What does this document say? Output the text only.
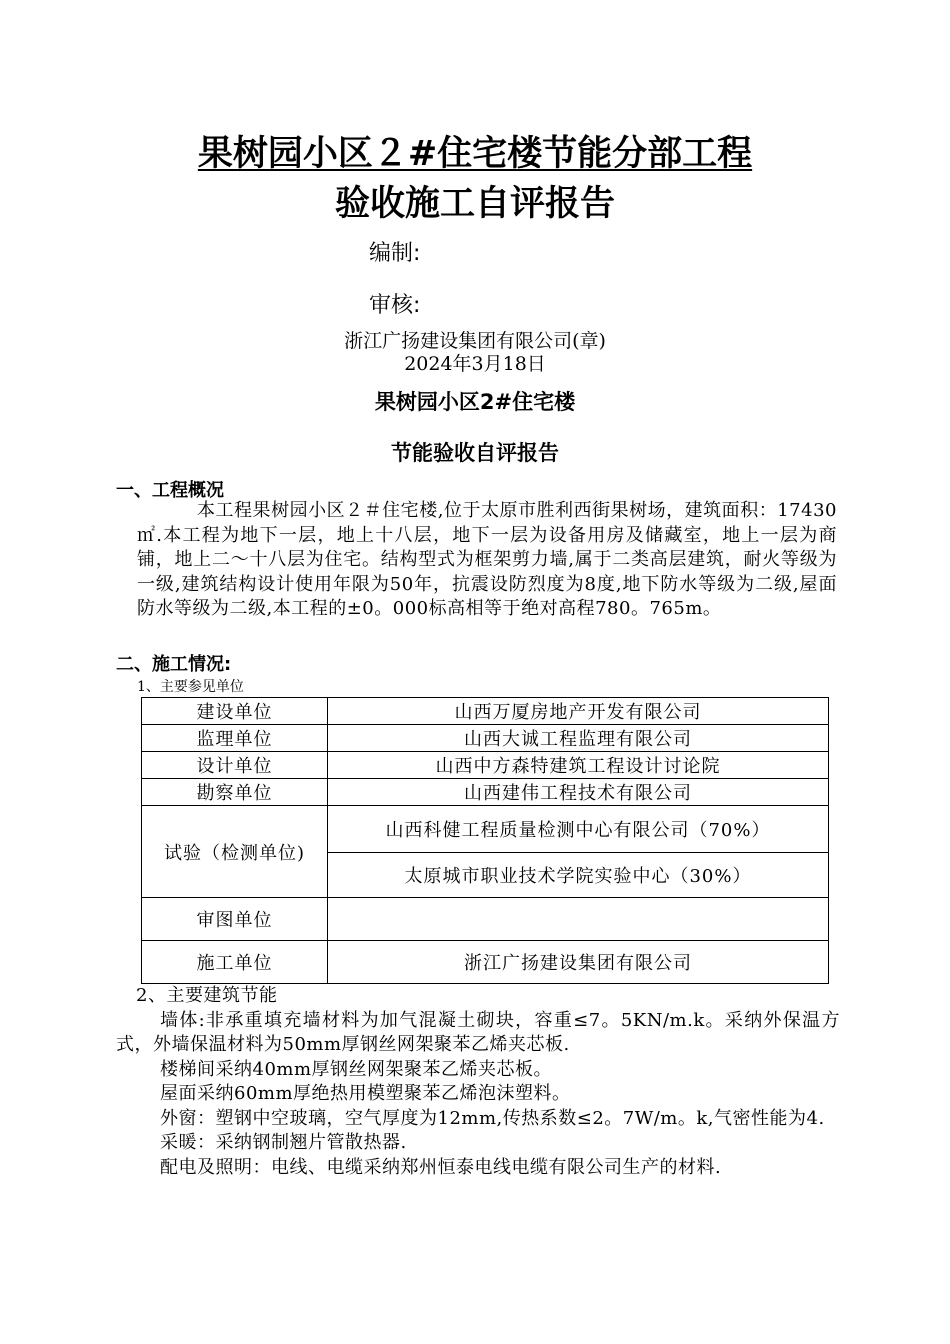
果树园小区２#住宅楼节能分部工程
验收施工自评报告
编制:
审核:
浙江广扬建设集团有限公司(章)
2024年3月18日
果树园小区2#住宅楼
节能验收自评报告
一、工程概况
本工程果树园小区２＃住宅楼,位于太原市胜利西街果树场，建筑面积：17430 ㎡.本工程为地下一层，地上十八层，地下一层为设备用房及储藏室，地上一层为商铺，地上二～十八层为住宅。结构型式为框架剪力墙,属于二类高层建筑，耐火等级为一级,建筑结构设计使用年限为50年，抗震设防烈度为8度,地下防水等级为二级,屋面防水等级为二级,本工程的±0。000标高相等于绝对高程780。765m。
二、施工情况:
1、主要参见单位
建设单位	山西万厦房地产开发有限公司
监理单位	山西大诚工程监理有限公司
设计单位	山西中方森特建筑工程设计讨论院
勘察单位	山西建伟工程技术有限公司
试验（检测单位)	山西科健工程质量检测中心有限公司（70%）
	太原城市职业技术学院实验中心（30%）
审图单位	
施工单位	浙江广扬建设集团有限公司

2、主要建筑节能

墙体:非承重填充墙材料为加气混凝土砌块，容重≤7。5KN/m.k。采纳外保温方式，外墙保温材料为50mm厚钢丝网架聚苯乙烯夹芯板.

楼梯间采纳40mm厚钢丝网架聚苯乙烯夹芯板。

屋面采纳60mm厚绝热用模塑聚苯乙烯泡沫塑料。

外窗：塑钢中空玻璃，空气厚度为12mm,传热系数≤2。7W/m。k,气密性能为4.

采暖：采纳钢制翘片管散热器.

配电及照明：电线、电缆采纳郑州恒泰电线电缆有限公司生产的材料.
